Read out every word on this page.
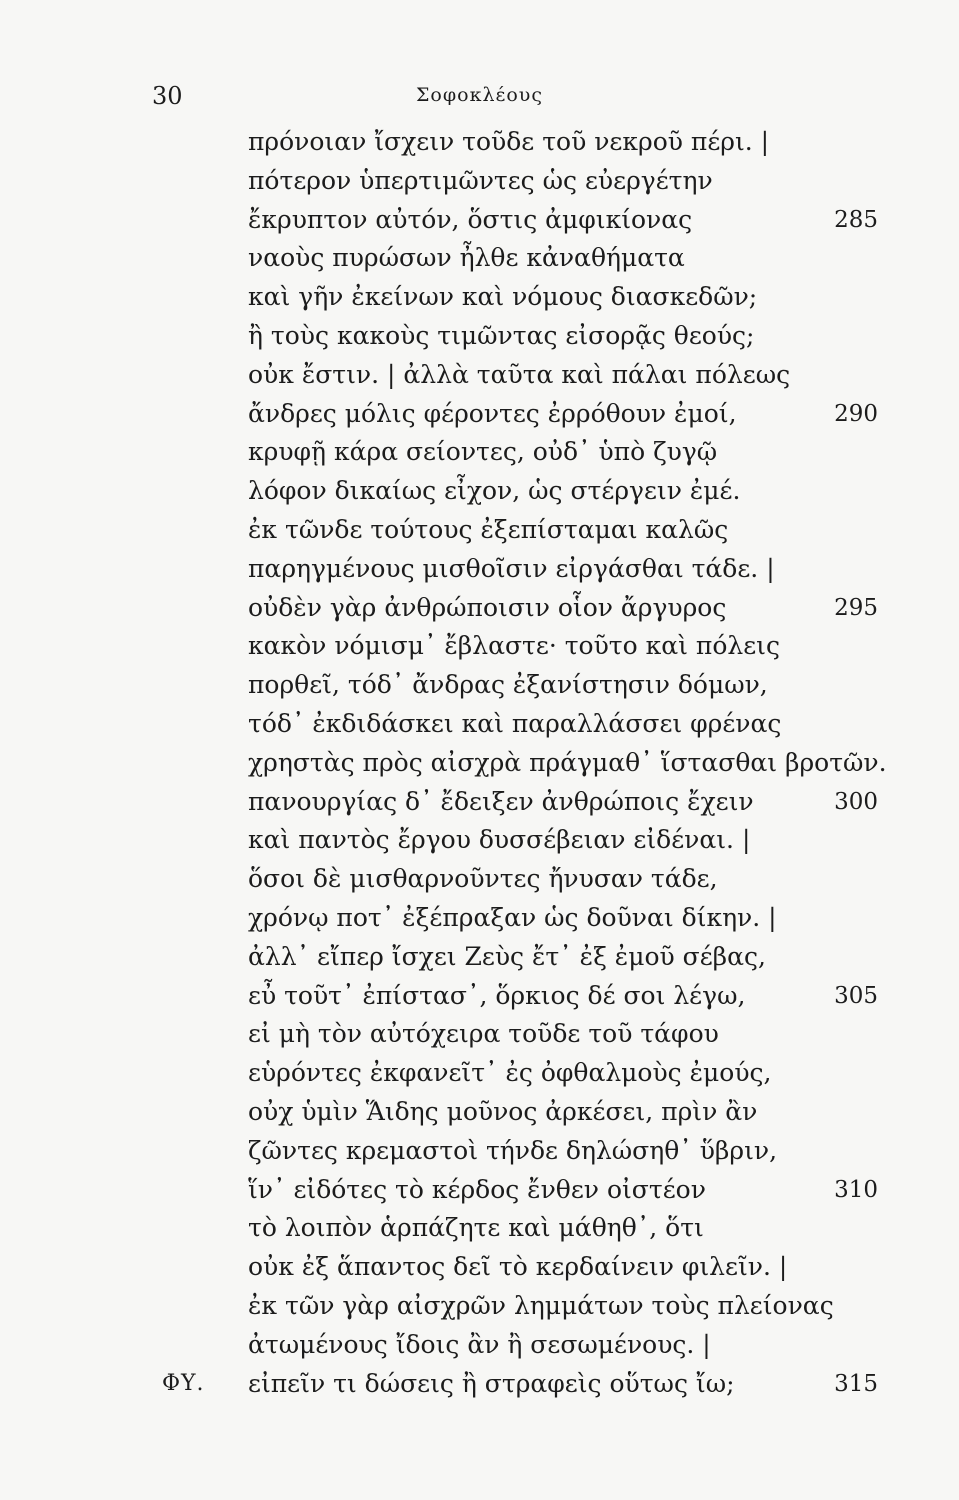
30	Σοφοκλέους
πρόνοιαν ἴσχειν τοῦδε τοῦ νεκροῦ πέρι. |
πότερον ὑπερτιμῶντες ὡς εὐεργέτην
ἔκρυπτον αὐτόν, ὅστις ἀμφικίονας	285
ναοὺς πυρώσων ἦλθε κἀναθήματα
καὶ γῆν ἐκείνων καὶ νόμους διασκεδῶν;
ἢ τοὺς κακοὺς τιμῶντας εἰσορᾷς θεούς;
οὐκ ἔστιν. | ἀλλὰ ταῦτα καὶ πάλαι πόλεως
ἄνδρες μόλις φέροντες ἐρρόθουν ἐμοί,	290
κρυφῇ κάρα σείοντες, οὐδ᾽ ὑπὸ ζυγῷ
λόφον δικαίως εἶχον, ὡς στέργειν ἐμέ.
ἐκ τῶνδε τούτους ἐξεπίσταμαι καλῶς
παρηγμένους μισθοῖσιν εἰργάσθαι τάδε. |
οὐδὲν γὰρ ἀνθρώποισιν οἷον ἄργυρος	295
κακὸν νόμισμ᾽ ἔβλαστε· τοῦτο καὶ πόλεις
πορθεῖ, τόδ᾽ ἄνδρας ἐξανίστησιν δόμων,
τόδ᾽ ἐκδιδάσκει καὶ παραλλάσσει φρένας
χρηστὰς πρὸς αἰσχρὰ πράγμαθ᾽ ἵστασθαι βροτῶν.
πανουργίας δ᾽ ἔδειξεν ἀνθρώποις ἔχειν	300
καὶ παντὸς ἔργου δυσσέβειαν εἰδέναι. |
ὅσοι δὲ μισθαρνοῦντες ἤνυσαν τάδε,
χρόνῳ ποτ᾽ ἐξέπραξαν ὡς δοῦναι δίκην. |
ἀλλ᾽ εἴπερ ἴσχει Ζεὺς ἔτ᾽ ἐξ ἐμοῦ σέβας,
εὖ τοῦτ᾽ ἐπίστασ᾽, ὅρκιος δέ σοι λέγω,	305
εἰ μὴ τὸν αὐτόχειρα τοῦδε τοῦ τάφου
εὑρόντες ἐκφανεῖτ᾽ ἐς ὀφθαλμοὺς ἐμούς,
οὐχ ὑμὶν Ἅιδης μοῦνος ἀρκέσει, πρὶν ἂν
ζῶντες κρεμαστοὶ τήνδε δηλώσηθ᾽ ὕβριν,
ἵν᾽ εἰδότες τὸ κέρδος ἔνθεν οἰστέον	310
τὸ λοιπὸν ἁρπάζητε καὶ μάθηθ᾽, ὅτι
οὐκ ἐξ ἅπαντος δεῖ τὸ κερδαίνειν φιλεῖν. |
ἐκ τῶν γὰρ αἰσχρῶν λημμάτων τοὺς πλείονας
ἀτωμένους ἴδοις ἂν ἢ σεσωμένους. |
ΦΥ. εἰπεῖν τι δώσεις ἢ στραφεὶς οὕτως ἴω;	315
